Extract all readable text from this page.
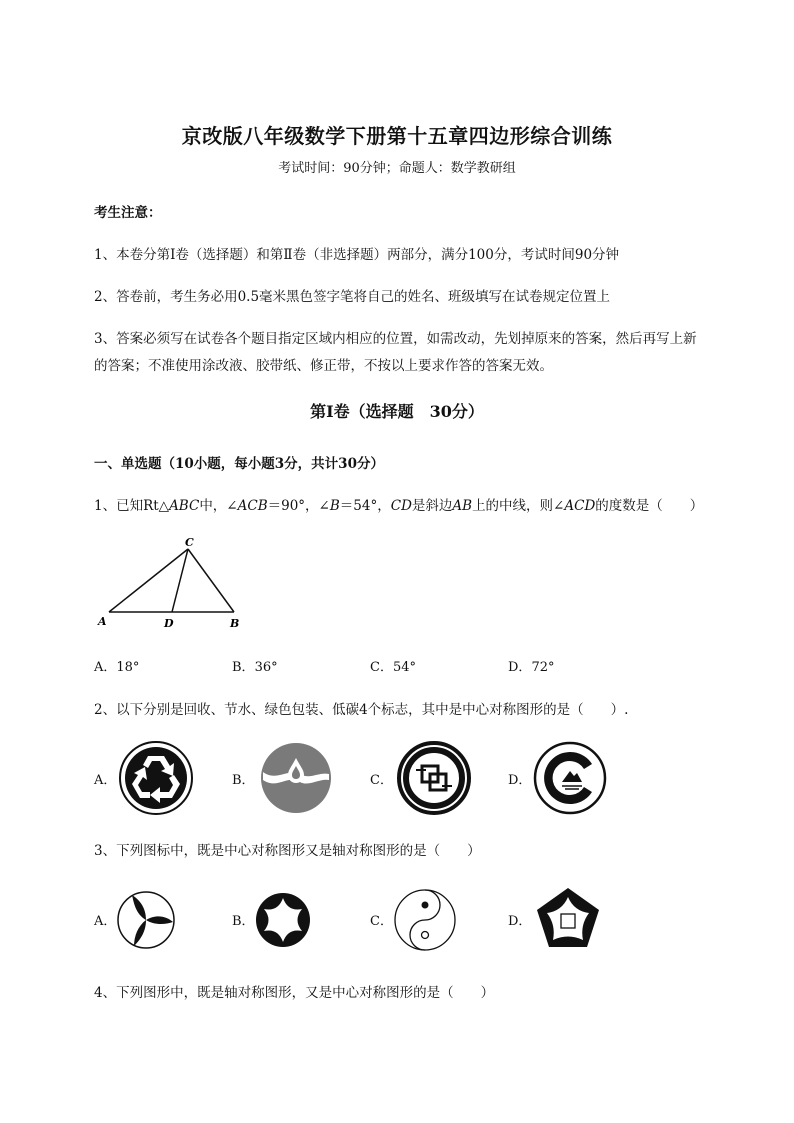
京改版八年级数学下册第十五章四边形综合训练
考试时间：90分钟；命题人：数学教研组
考生注意：
1、本卷分第I卷（选择题）和第Ⅱ卷（非选择题）两部分，满分100分，考试时间90分钟
2、答卷前，考生务必用0.5毫米黑色签字笔将自己的姓名、班级填写在试卷规定位置上
3、答案必须写在试卷各个题目指定区域内相应的位置，如需改动，先划掉原来的答案，然后再写上新
的答案；不准使用涂改液、胶带纸、修正带，不按以上要求作答的答案无效。
第I卷（选择题　30分）
一、单选题（10小题，每小题3分，共计30分）
1、已知Rt△ABC中，∠ACB＝90°，∠B＝54°，CD是斜边AB上的中线，则∠ACD的度数是（　　）
A	D	B
C
A．18°	B．36°	C．54°	D．72°
2、以下分别是回收、节水、绿色包装、低碳4个标志，其中是中心对称图形的是（　　）.
A．	B．	C．	D．
3、下列图标中，既是中心对称图形又是轴对称图形的是（　　）
A．	B．	C．	D．
4、下列图形中，既是轴对称图形，又是中心对称图形的是（　　）
